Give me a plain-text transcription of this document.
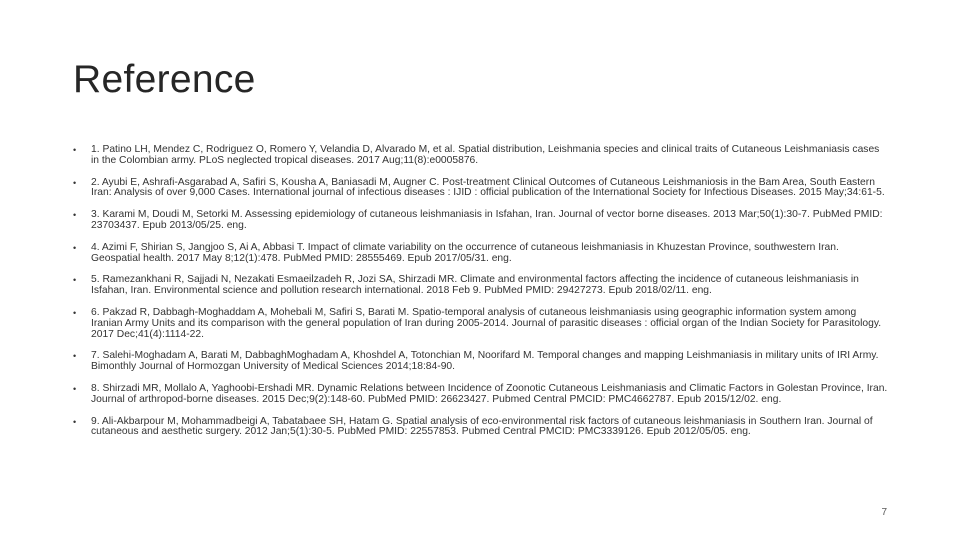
Reference
• 1. Patino LH, Mendez C, Rodriguez O, Romero Y, Velandia D, Alvarado M, et al. Spatial distribution, Leishmania species and clinical traits of Cutaneous Leishmaniasis cases in the Colombian army. PLoS neglected tropical diseases. 2017 Aug;11(8):e0005876.
• 2. Ayubi E, Ashrafi-Asgarabad A, Safiri S, Kousha A, Baniasadi M, Augner C. Post-treatment Clinical Outcomes of Cutaneous Leishmaniosis in the Bam Area, South Eastern Iran: Analysis of over 9,000 Cases. International journal of infectious diseases : IJID : official publication of the International Society for Infectious Diseases. 2015 May;34:61-5.
• 3. Karami M, Doudi M, Setorki M. Assessing epidemiology of cutaneous leishmaniasis in Isfahan, Iran. Journal of vector borne diseases. 2013 Mar;50(1):30-7. PubMed PMID: 23703437. Epub 2013/05/25. eng.
• 4. Azimi F, Shirian S, Jangjoo S, Ai A, Abbasi T. Impact of climate variability on the occurrence of cutaneous leishmaniasis in Khuzestan Province, southwestern Iran. Geospatial health. 2017 May 8;12(1):478. PubMed PMID: 28555469. Epub 2017/05/31. eng.
• 5. Ramezankhani R, Sajjadi N, Nezakati Esmaeilzadeh R, Jozi SA, Shirzadi MR. Climate and environmental factors affecting the incidence of cutaneous leishmaniasis in Isfahan, Iran. Environmental science and pollution research international. 2018 Feb 9. PubMed PMID: 29427273. Epub 2018/02/11. eng.
• 6. Pakzad R, Dabbagh-Moghaddam A, Mohebali M, Safiri S, Barati M. Spatio-temporal analysis of cutaneous leishmaniasis using geographic information system among Iranian Army Units and its comparison with the general population of Iran during 2005-2014. Journal of parasitic diseases : official organ of the Indian Society for Parasitology. 2017 Dec;41(4):1114-22.
• 7. Salehi-Moghadam A, Barati M, DabbaghMoghadam A, Khoshdel A, Totonchian M, Noorifard M. Temporal changes and mapping Leishmaniasis in military units of IRI Army. Bimonthly Journal of Hormozgan University of Medical Sciences 2014;18:84-90.
• 8. Shirzadi MR, Mollalo A, Yaghoobi-Ershadi MR. Dynamic Relations between Incidence of Zoonotic Cutaneous Leishmaniasis and Climatic Factors in Golestan Province, Iran. Journal of arthropod-borne diseases. 2015 Dec;9(2):148-60. PubMed PMID: 26623427. Pubmed Central PMCID: PMC4662787. Epub 2015/12/02. eng.
• 9. Ali-Akbarpour M, Mohammadbeigi A, Tabatabaee SH, Hatam G. Spatial analysis of eco-environmental risk factors of cutaneous leishmaniasis in Southern Iran. Journal of cutaneous and aesthetic surgery. 2012 Jan;5(1):30-5. PubMed PMID: 22557853. Pubmed Central PMCID: PMC3339126. Epub 2012/05/05. eng.
7
